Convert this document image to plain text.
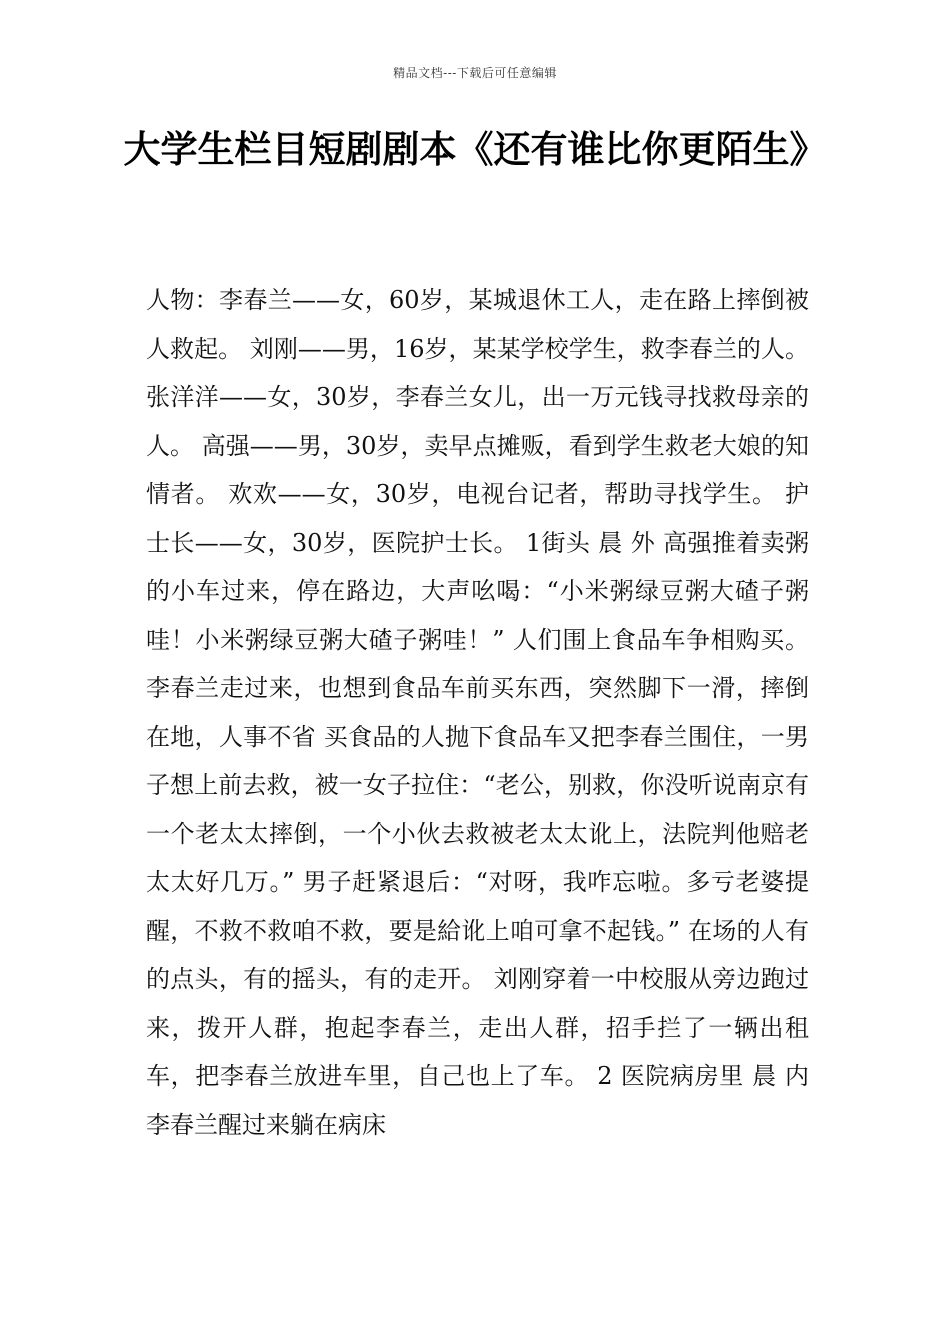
精品文档---下载后可任意编辑
大学生栏目短剧剧本《还有谁比你更陌生》

人物：李春兰——女，60岁，某城退休工人，走在路上摔倒被人救起。 刘刚——男，16岁，某某学校学生，救李春兰的人。 张洋洋——女，30岁，李春兰女儿，出一万元钱寻找救母亲的人。 高强——男，30岁，卖早点摊贩，看到学生救老大娘的知情者。 欢欢——女，30岁，电视台记者，帮助寻找学生。 护士长——女，30岁，医院护士长。 1街头 晨 外 高强推着卖粥的小车过来，停在路边，大声吆喝：“小米粥绿豆粥大碴子粥哇！小米粥绿豆粥大碴子粥哇！” 人们围上食品车争相购买。 李春兰走过来，也想到食品车前买东西，突然脚下一滑，摔倒在地，人事不省 买食品的人抛下食品车又把李春兰围住，一男子想上前去救，被一女子拉住：“老公，别救，你没听说南京有一个老太太摔倒，一个小伙去救被老太太讹上，法院判他赔老太太好几万。” 男子赶紧退后：“对呀，我咋忘啦。多亏老婆提醒，不救不救咱不救，要是給讹上咱可拿不起钱。” 在场的人有的点头，有的摇头，有的走开。 刘刚穿着一中校服从旁边跑过来，拨开人群，抱起李春兰，走出人群，招手拦了一辆出租车，把李春兰放进车里，自己也上了车。 2 医院病房里 晨 内 李春兰醒过来躺在病床
